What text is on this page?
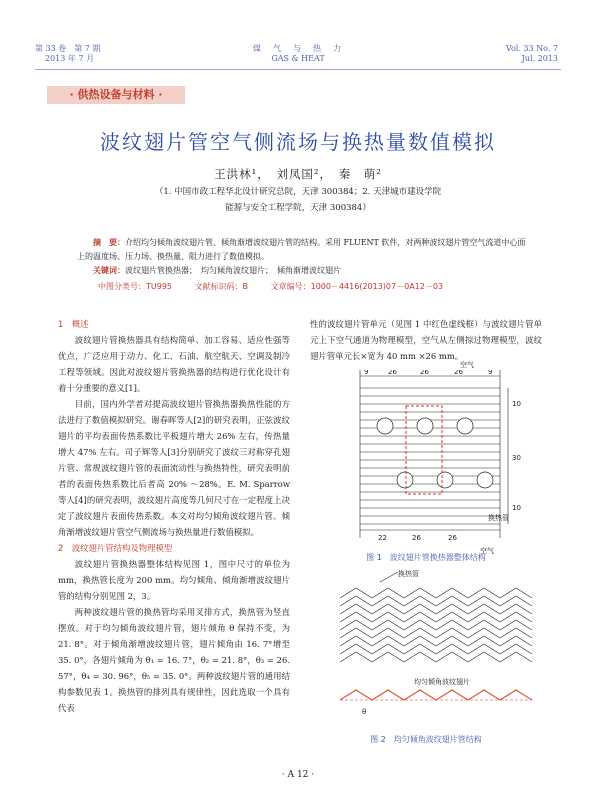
第 33 卷　第 7 期
2013 年 7 月
煤　气　与　热　力
GAS & HEAT
Vol. 33 No. 7
Jul. 2013
· 供热设备与材料 ·
波纹翅片管空气侧流场与换热量数值模拟
王洪林¹，　刘凤国²，　秦　萌²
（1. 中国市政工程华北设计研究总院，天津 300384；2. 天津城市建设学院
能源与安全工程学院，天津 300384）
摘　要：介绍均匀倾角波纹翅片管、倾角渐增波纹翅片管的结构。采用 FLUENT 软件，对两种波纹翅片管空气流道中心面上的温度场、压力场、换热量、阻力进行了数值模拟。
关键词：波纹翅片管换热器；　均匀倾角波纹翅片；　倾角渐增波纹翅片
中图分类号：TU995	文献标识码：B	文章编号：1000－4416(2013)07－0A12－03
1　概述

波纹翅片管换热器具有结构简单、加工容易、适应性强等优点，广泛应用于动力、化工、石油、航空航天、空调及制冷工程等领域。因此对波纹翅片管换热器的结构进行优化设计有着十分重要的意义[1]。

目前，国内外学者对提高波纹翅片管换热器换热性能的方法进行了数值模拟研究。谢春晖等人[2]的研究表明，正弦波纹翅片的平均表面传热系数比平板翅片增大 26% 左右，传热量增大 47% 左右。司子辉等人[3]分别研究了波纹三对称穿孔翅片管、常规波纹翅片管的表面流动性与换热特性，研究表明前者的表面传热系数比后者高 20% ～28%。E. M. Sparrow 等人[4]的研究表明，波纹翅片高度等几何尺寸在一定程度上决定了波纹翅片表面传热系数。本文对均匀倾角波纹翅片管、倾角渐增波纹翅片管空气侧流场与换热量进行数值模拟。

2　波纹翅片管结构及物理模型

波纹翅片管换热器整体结构见图 1，图中尺寸的单位为 mm，换热管长度为 200 mm。均匀倾角、倾角渐增波纹翅片管的结构分别见图 2，3。

两种波纹翅片管的换热管均采用叉排方式，换热管为竖直摆放。对于均匀倾角波纹翅片管，翅片倾角 θ 保持不变，为 21. 8°。对于倾角渐增波纹翅片管，翅片倾角由 16. 7°增至 35. 0°，各翅片倾角为 θ₁ = 16. 7°，θ₂ = 21. 8°，θ₃ = 26. 57°，θ₄ = 30. 96°，θ₅ = 35. 0°。两种波纹翅片管的通用结构参数见表 1。换热管的排列具有规律性，因此选取一个具有代表

性的波纹翅片管单元（见图 1 中红色虚线框）与波纹翅片管单元上下空气通道为物理模型，空气从左侧掠过物理模型，波纹翅片管单元长×宽为 40 mm ×26 mm。

9	26	26	26	9
22	26	26
10
30
10
换热管
空气
空气
图 1　波纹翅片管换热器整体结构
换热管
均匀倾角波纹翅片
θ
图 2　均匀倾角波纹翅片管结构
· A 12 ·
